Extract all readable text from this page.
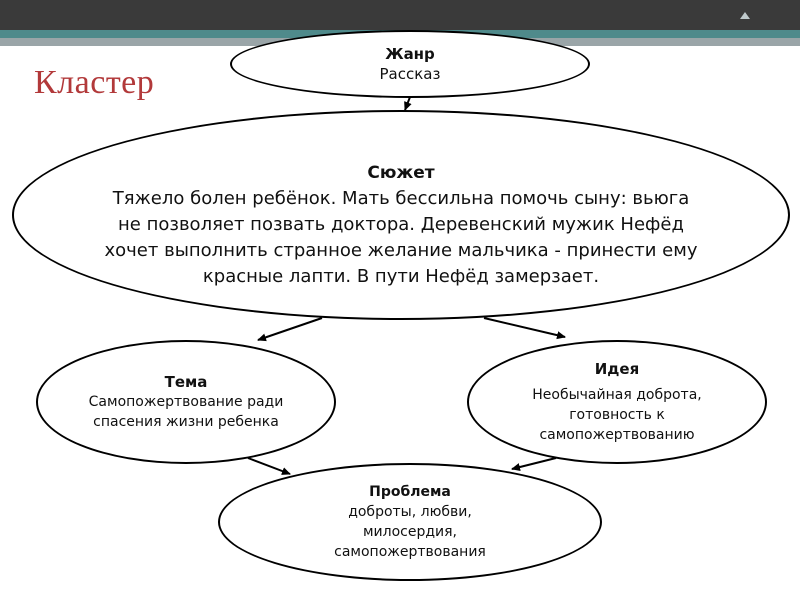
Кластер
Жанр
Рассказ
Сюжет
Тяжело болен ребёнок. Мать бессильна помочь сыну: вьюга не позволяет позвать доктора. Деревенский мужик Нефёд хочет выполнить странное желание мальчика - принести ему красные лапти. В пути Нефёд замерзает.
Тема
Самопожертвование ради спасения жизни ребенка
Идея
Необычайная доброта, готовность к самопожертвованию
Проблема
доброты, любви, милосердия, самопожертвования
